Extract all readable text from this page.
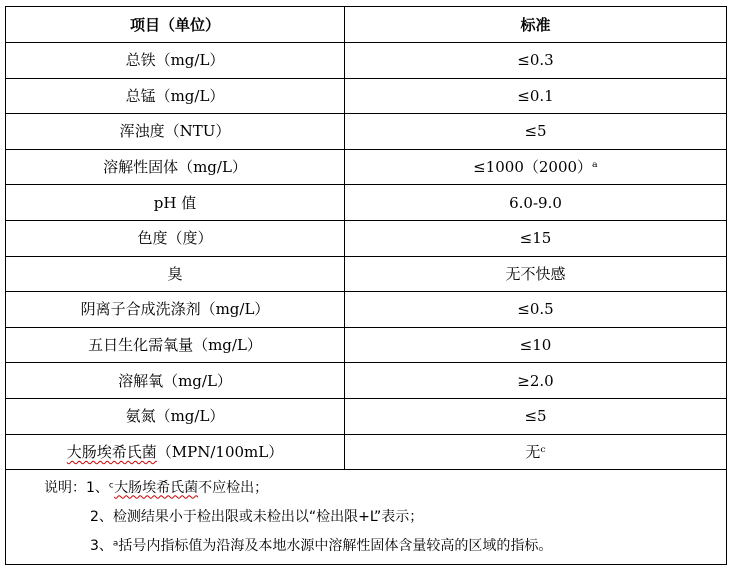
项目（单位）	标准
总铁（mg/L）	≤0.3
总锰（mg/L）	≤0.1
浑浊度（NTU）	≤5
溶解性固体（mg/L）	≤1000（2000）ᵃ
pH 值	6.0-9.0
色度（度）	≤15
臭	无不快感
阴离子合成洗涤剂（mg/L）	≤0.5
五日生化需氧量（mg/L）	≤10
溶解氧（mg/L）	≥2.0
氨氮（mg/L）	≤5
大肠埃希氏菌（MPN/100mL）	无ᶜ

说明：1、ᶜ大肠埃希氏菌不应检出；
2、检测结果小于检出限或未检出以“检出限+L”表示；
3、ᵃ括号内指标值为沿海及本地水源中溶解性固体含量较高的区域的指标。	
